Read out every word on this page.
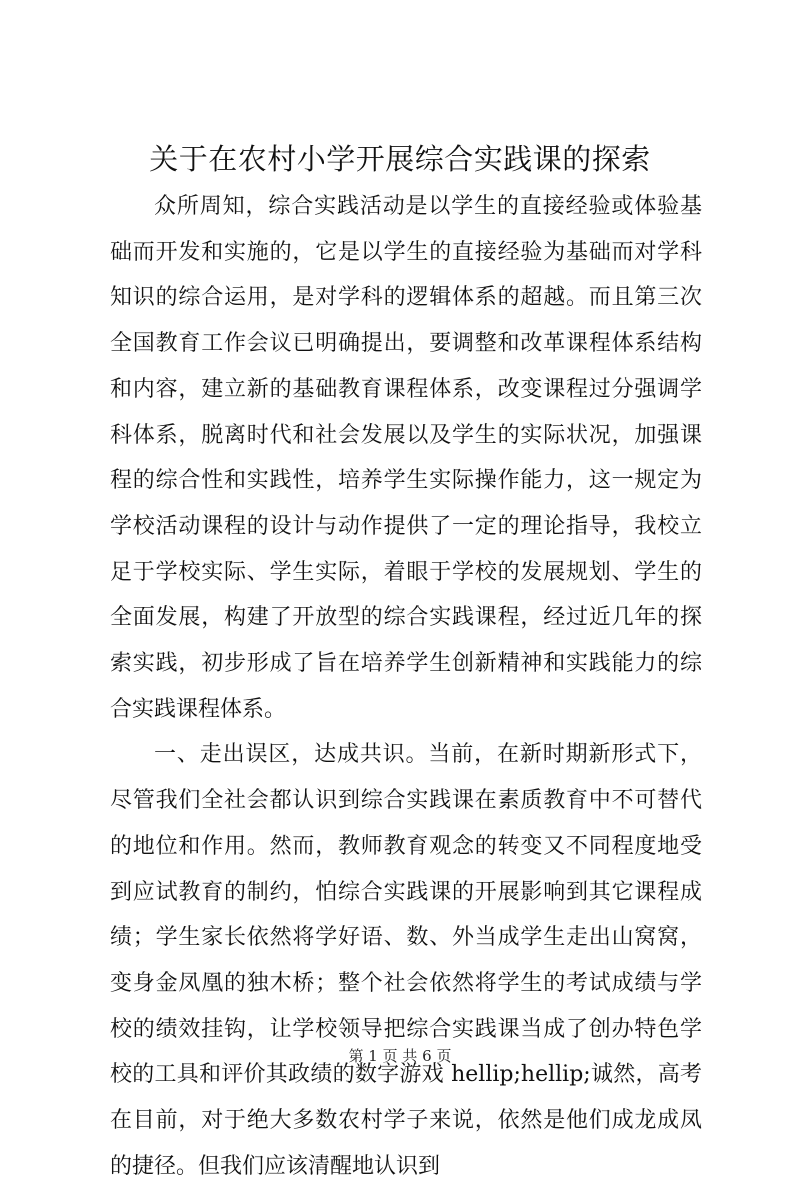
关于在农村小学开展综合实践课的探索

众所周知，综合实践活动是以学生的直接经验或体验基础而开发和实施的，它是以学生的直接经验为基础而对学科知识的综合运用，是对学科的逻辑体系的超越。而且第三次全国教育工作会议已明确提出，要调整和改革课程体系结构和内容，建立新的基础教育课程体系，改变课程过分强调学科体系，脱离时代和社会发展以及学生的实际状况，加强课程的综合性和实践性，培养学生实际操作能力，这一规定为学校活动课程的设计与动作提供了一定的理论指导，我校立足于学校实际、学生实际，着眼于学校的发展规划、学生的全面发展，构建了开放型的综合实践课程，经过近几年的探索实践，初步形成了旨在培养学生创新精神和实践能力的综合实践课程体系。

一、走出误区，达成共识。当前，在新时期新形式下，尽管我们全社会都认识到综合实践课在素质教育中不可替代的地位和作用。然而，教师教育观念的转变又不同程度地受到应试教育的制约，怕综合实践课的开展影响到其它课程成绩；学生家长依然将学好语、数、外当成学生走出山窝窝，变身金凤凰的独木桥；整个社会依然将学生的考试成绩与学校的绩效挂钩，让学校领导把综合实践课当成了创办特色学校的工具和评价其政绩的数字游戏 hellip;hellip;诚然，高考在目前，对于绝大多数农村学子来说，依然是他们成龙成凤的捷径。但我们应该清醒地认识到

第 1 页 共 6 页
